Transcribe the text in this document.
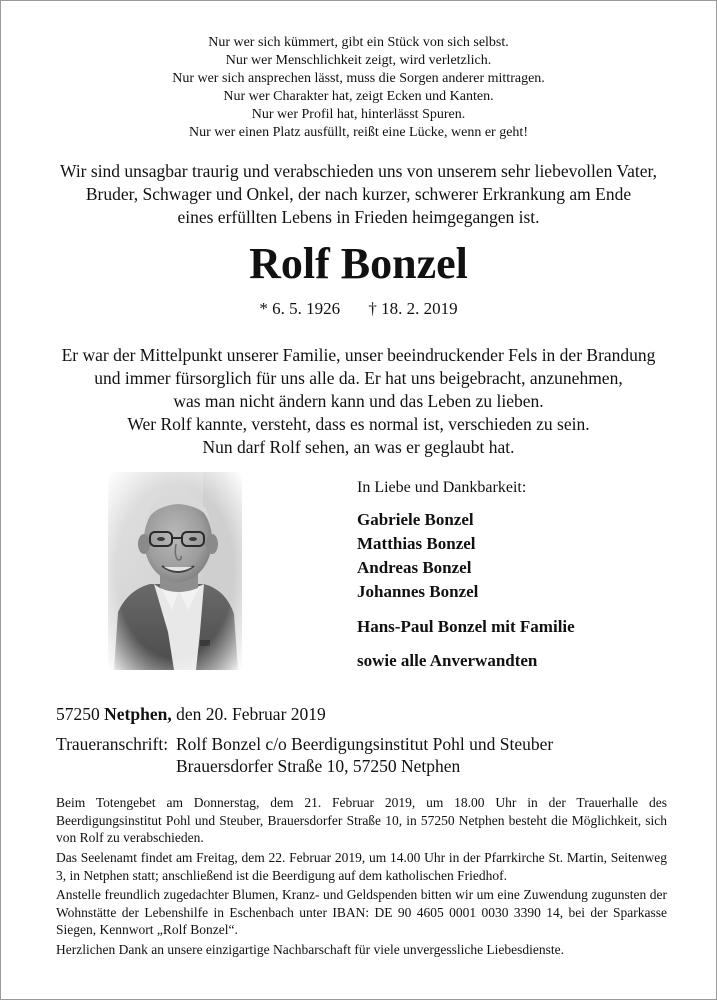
Nur wer sich kümmert, gibt ein Stück von sich selbst.
Nur wer Menschlichkeit zeigt, wird verletzlich.
Nur wer sich ansprechen lässt, muss die Sorgen anderer mittragen.
Nur wer Charakter hat, zeigt Ecken und Kanten.
Nur wer Profil hat, hinterlässt Spuren.
Nur wer einen Platz ausfüllt, reißt eine Lücke, wenn er geht!
Wir sind unsagbar traurig und verabschieden uns von unserem sehr liebevollen Vater,
Bruder, Schwager und Onkel, der nach kurzer, schwerer Erkrankung am Ende
eines erfüllten Lebens in Frieden heimgegangen ist.
Rolf Bonzel
* 6. 5. 1926 † 18. 2. 2019
Er war der Mittelpunkt unserer Familie, unser beeindruckender Fels in der Brandung
und immer fürsorglich für uns alle da. Er hat uns beigebracht, anzunehmen,
was man nicht ändern kann und das Leben zu lieben.
Wer Rolf kannte, versteht, dass es normal ist, verschieden zu sein.
Nun darf Rolf sehen, an was er geglaubt hat.
In Liebe und Dankbarkeit:
Gabriele Bonzel
Matthias Bonzel
Andreas Bonzel
Johannes Bonzel
Hans-Paul Bonzel mit Familie
sowie alle Anverwandten
57250 Netphen, den 20. Februar 2019
Traueranschrift: Rolf Bonzel c/o Beerdigungsinstitut Pohl und Steuber
Brauersdorfer Straße 10, 57250 Netphen
Beim Totengebet am Donnerstag, dem 21. Februar 2019, um 18.00 Uhr in der Trauerhalle des Beerdigungsinstitut Pohl und Steuber, Brauersdorfer Straße 10, in 57250 Netphen besteht die Möglichkeit, sich von Rolf zu verabschieden.
Das Seelenamt findet am Freitag, dem 22. Februar 2019, um 14.00 Uhr in der Pfarrkirche St. Martin, Seitenweg 3, in Netphen statt; anschließend ist die Beerdigung auf dem katholischen Friedhof.
Anstelle freundlich zugedachter Blumen, Kranz- und Geldspenden bitten wir um eine Zuwendung zugunsten der Wohnstätte der Lebenshilfe in Eschenbach unter IBAN: DE 90 4605 0001 0030 3390 14, bei der Sparkasse Siegen, Kennwort „Rolf Bonzel“.
Herzlichen Dank an unsere einzigartige Nachbarschaft für viele unvergessliche Liebesdienste.
